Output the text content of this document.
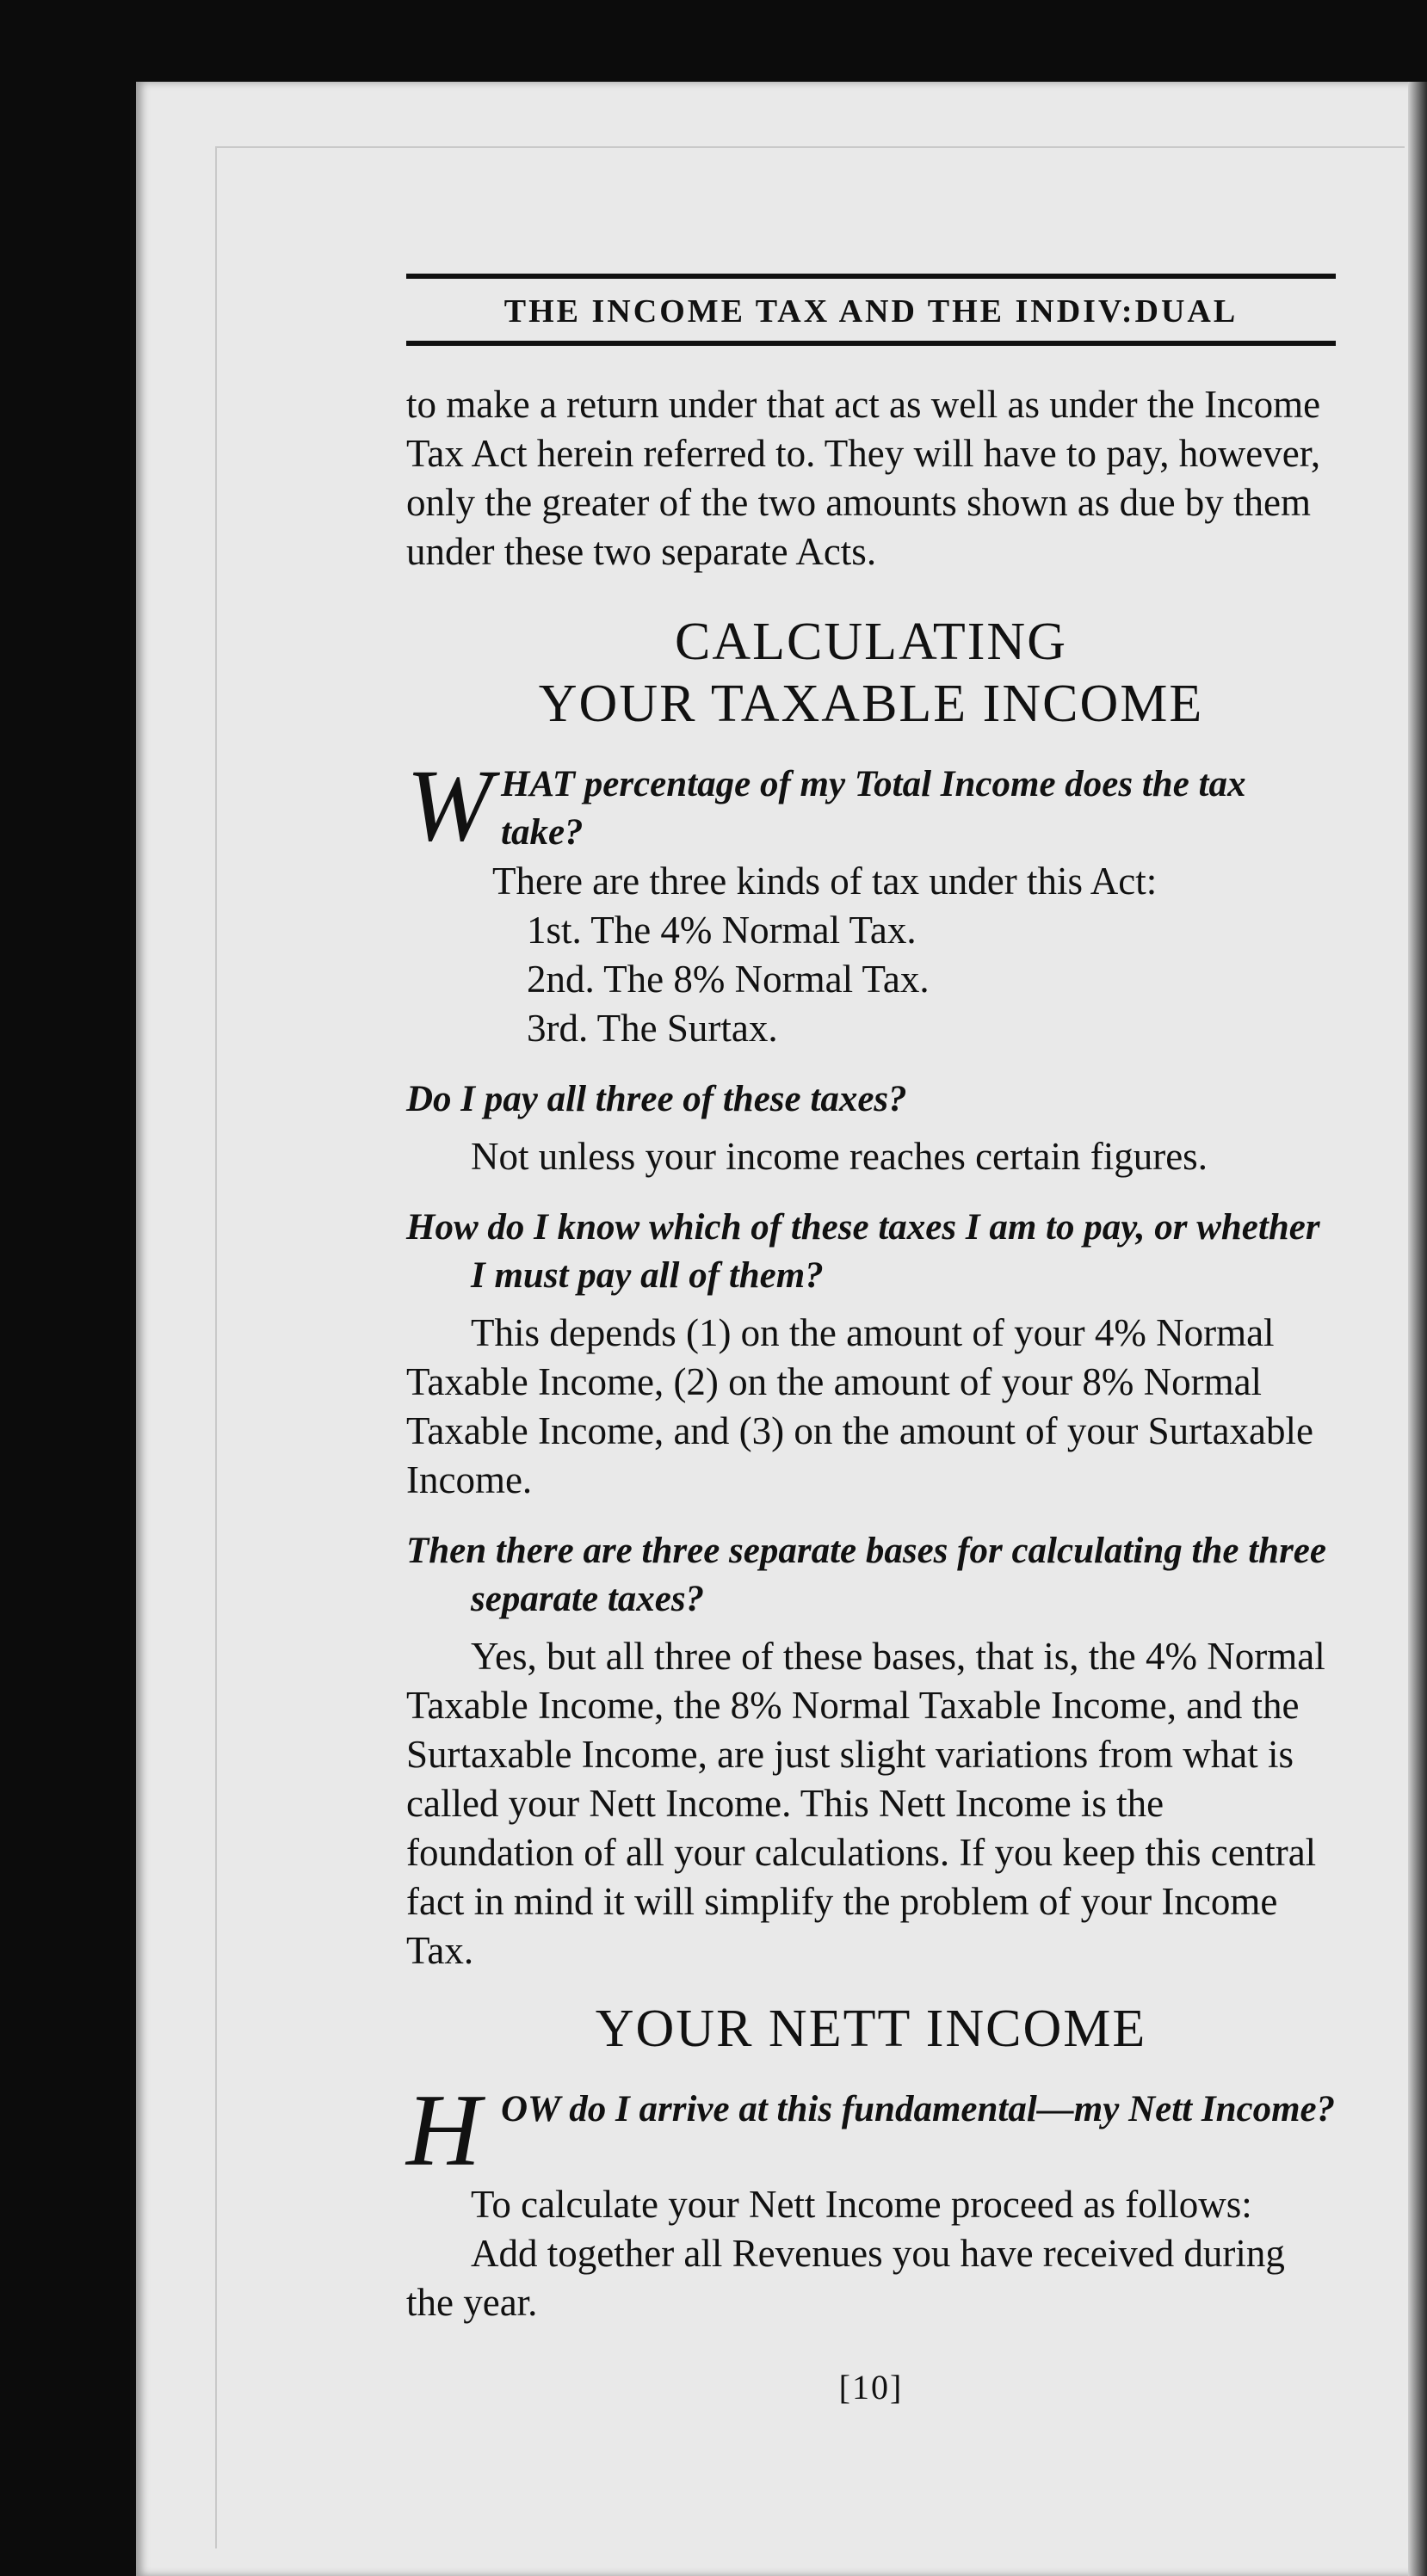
THE INCOME TAX AND THE INDIV:DUAL

to make a return under that act as well as under the Income Tax Act herein referred to. They will have to pay, however, only the greater of the two amounts shown as due by them under these two separate Acts.

CALCULATING
YOUR TAXABLE INCOME
W HAT percentage of my Total Income does the tax take?
There are three kinds of tax under this Act:
1st. The 4% Normal Tax.
2nd. The 8% Normal Tax.
3rd. The Surtax.
Do I pay all three of these taxes?

Not unless your income reaches certain figures.

How do I know which of these taxes I am to pay, or whether I must pay all of them?

This depends (1) on the amount of your 4% Normal Taxable Income, (2) on the amount of your 8% Normal Taxable Income, and (3) on the amount of your Surtaxable Income.

Then there are three separate bases for calculating the three separate taxes?

Yes, but all three of these bases, that is, the 4% Normal Taxable Income, the 8% Normal Taxable Income, and the Surtaxable Income, are just slight variations from what is called your Nett Income. This Nett Income is the foundation of all your calculations. If you keep this central fact in mind it will simplify the problem of your Income Tax.

YOUR NETT INCOME
H OW do I arrive at this fundamental—my Nett Income?

To calculate your Nett Income proceed as follows:

Add together all Revenues you have received during the year.

[10]
